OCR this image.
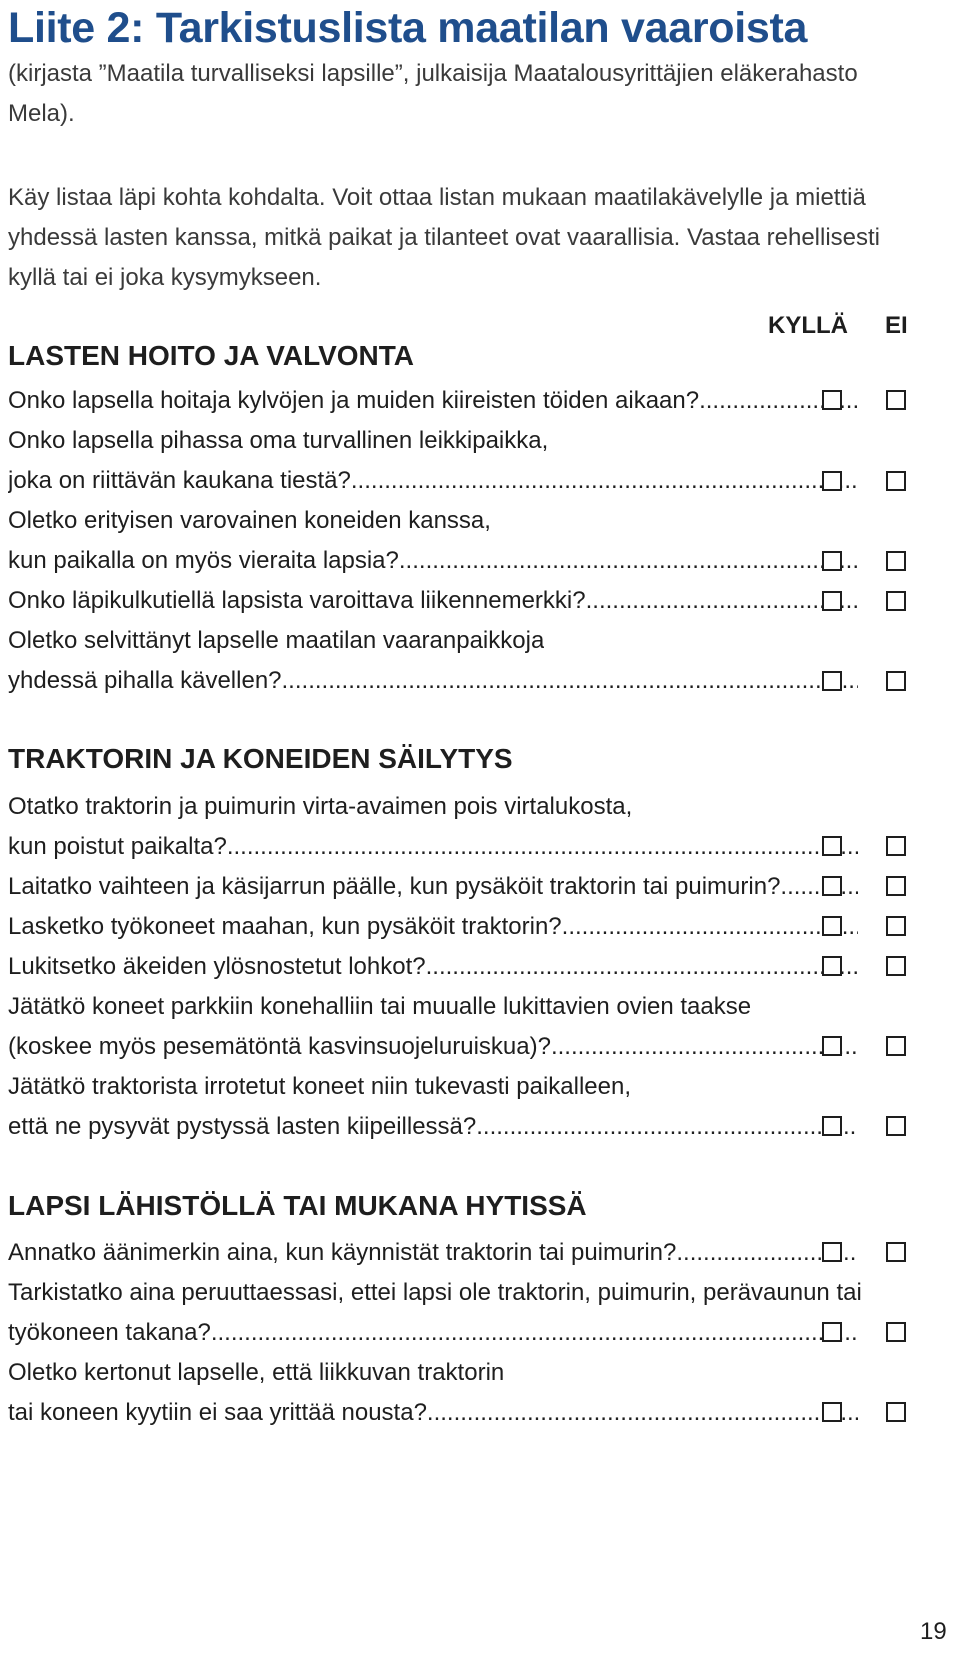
Liite 2: Tarkistuslista maatilan vaaroista
(kirjasta ”Maatila turvalliseksi lapsille”, julkaisija Maatalousyrittäjien eläkerahasto
Mela).
Käy listaa läpi kohta kohdalta. Voit ottaa listan mukaan maatilakävelylle ja miettiä
yhdessä lasten kanssa, mitkä paikat ja tilanteet ovat vaarallisia. Vastaa rehellisesti
kyllä tai ei joka kysymykseen.
KYLLÄ EI
LASTEN HOITO JA VALVONTA
Onko lapsella hoitaja kylvöjen ja muiden kiireisten töiden aikaan? .....
Onko lapsella pihassa oma turvallinen leikkipaikka,
joka on riittävän kaukana tiestä? .....
Oletko erityisen varovainen koneiden kanssa,
kun paikalla on myös vieraita lapsia? .....
Onko läpikulkutiellä lapsista varoittava liikennemerkki? .....
Oletko selvittänyt lapselle maatilan vaaranpaikkoja
yhdessä pihalla kävellen? .....
TRAKTORIN JA KONEIDEN SÄILYTYS
Otatko traktorin ja puimurin virta-avaimen pois virtalukosta,
kun poistut paikalta? .....
Laitatko vaihteen ja käsijarrun päälle, kun pysäköit traktorin tai puimurin? .....
Lasketko työkoneet maahan, kun pysäköit traktorin? .....
Lukitsetko äkeiden ylösnostetut lohkot? .....
Jätätkö koneet parkkiin konehalliin tai muualle lukittavien ovien taakse
(koskee myös pesemätöntä kasvinsuojeluruiskua)? .....
Jätätkö traktorista irrotetut koneet niin tukevasti paikalleen,
että ne pysyvät pystyssä lasten kiipeillessä? .....
LAPSI LÄHISTÖLLÄ TAI MUKANA HYTISSÄ
Annatko äänimerkin aina, kun käynnistät traktorin tai puimurin? .....
Tarkistatko aina peruuttaessasi, ettei lapsi ole traktorin, puimurin, perävaunun tai
työkoneen takana? .....
Oletko kertonut lapselle, että liikkuvan traktorin
tai koneen kyytiin ei saa yrittää nousta? .....
19
